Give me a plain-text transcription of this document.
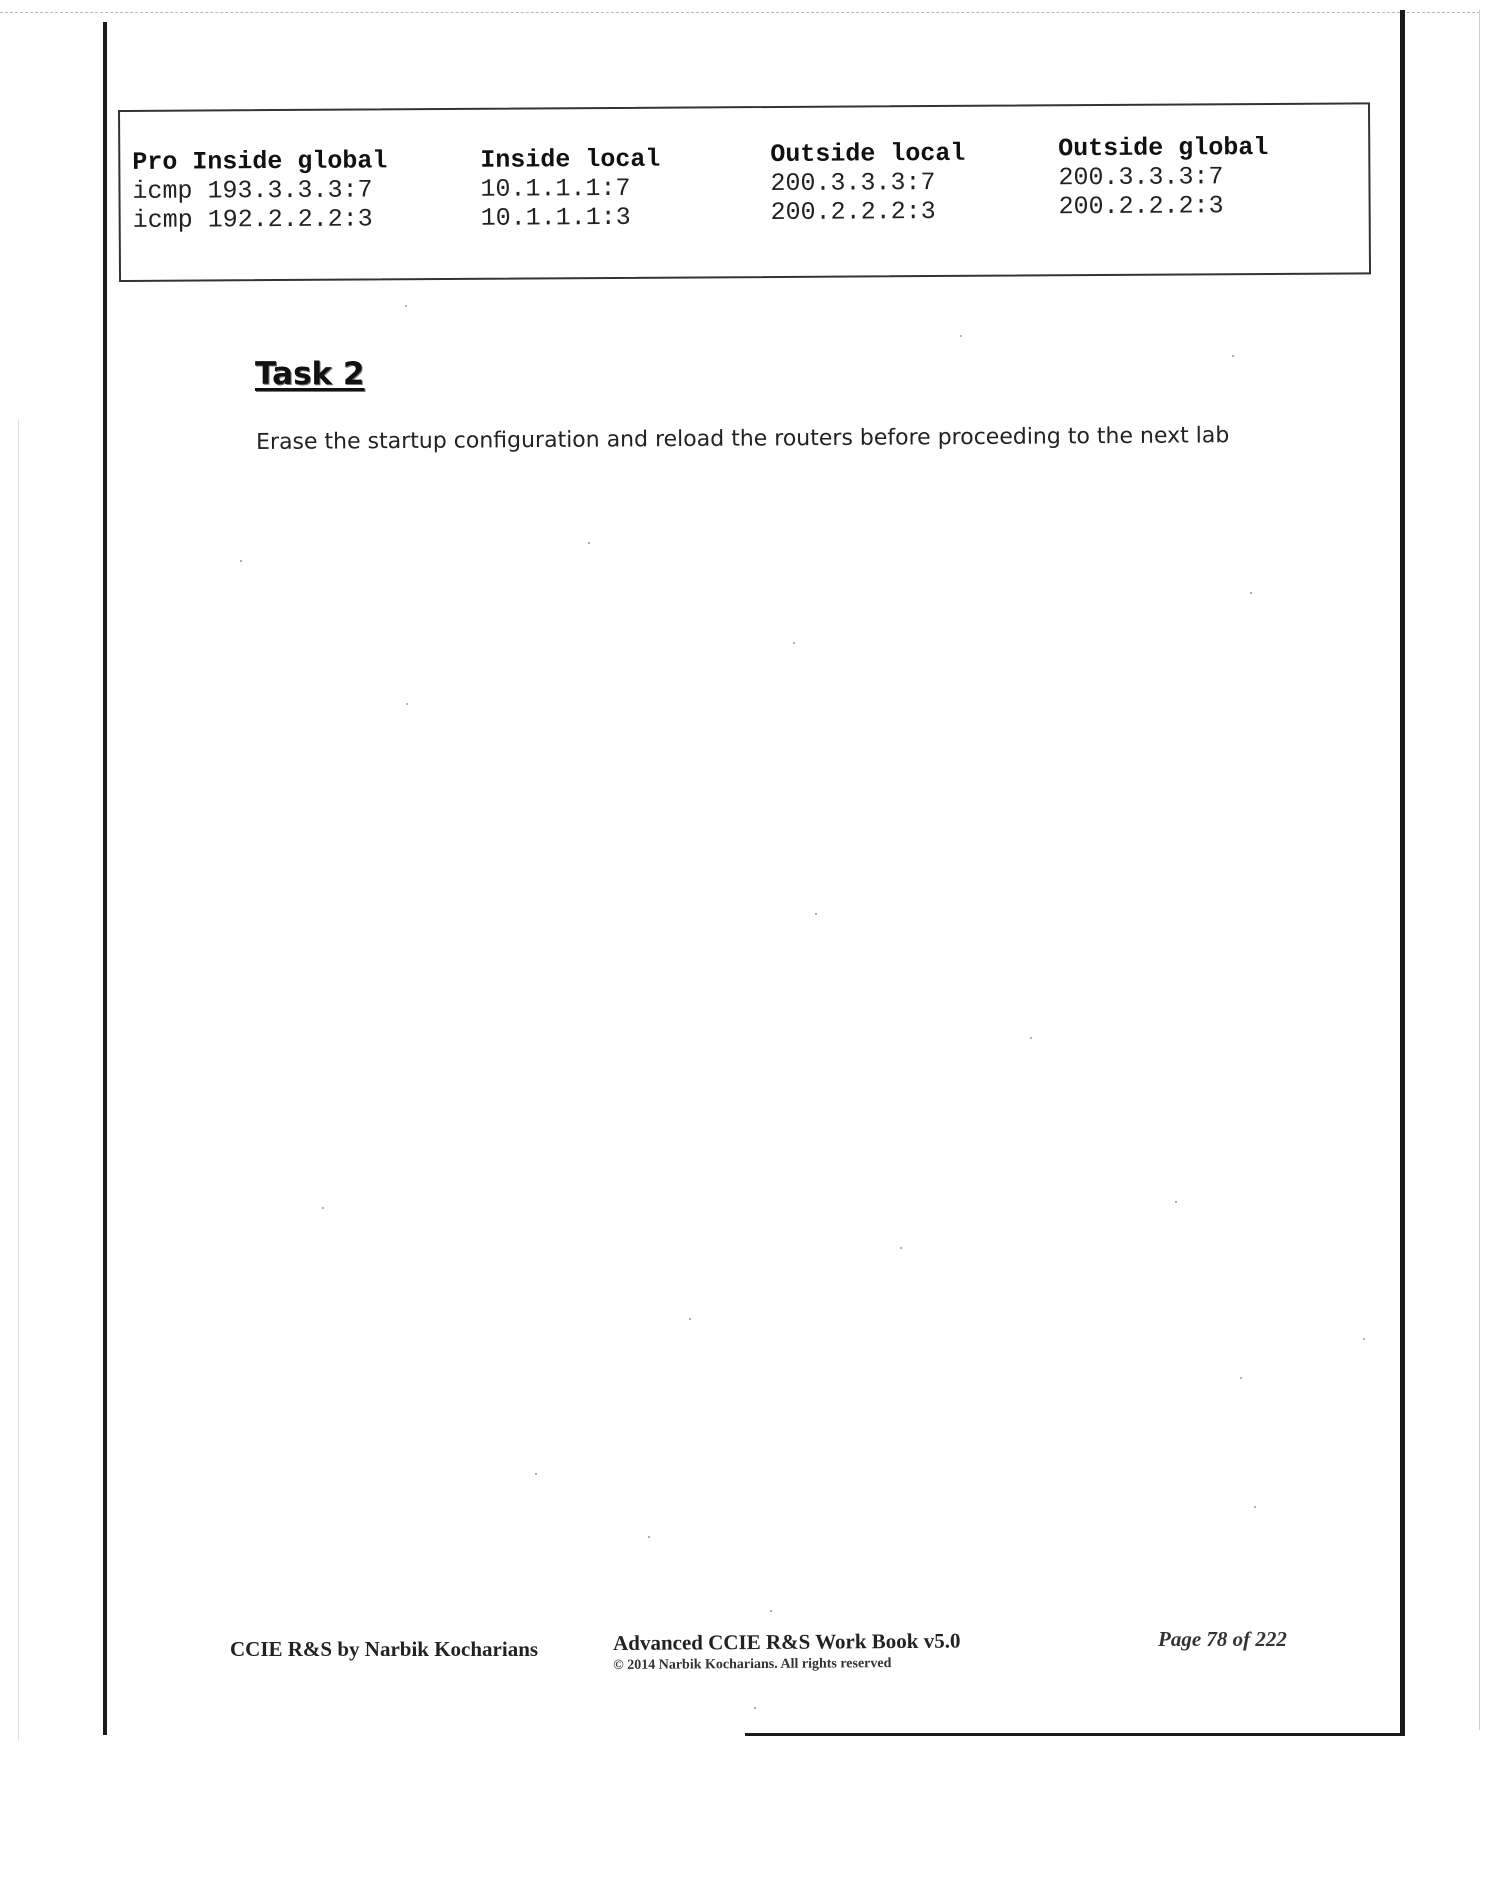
Pro Inside global
icmp 193.3.3.3:7
icmp 192.2.2.2:3
Inside local
10.1.1.1:7
10.1.1.1:3
Outside local
200.3.3.3:7
200.2.2.2:3
Outside global
200.3.3.3:7
200.2.2.2:3
Task 2
Erase the startup configuration and reload the routers before proceeding to the next lab
CCIE R&S by Narbik Kocharians	Advanced CCIE R&S Work Book v5.0
© 2014 Narbik Kocharians. All rights reserved
Page 78 of 222
